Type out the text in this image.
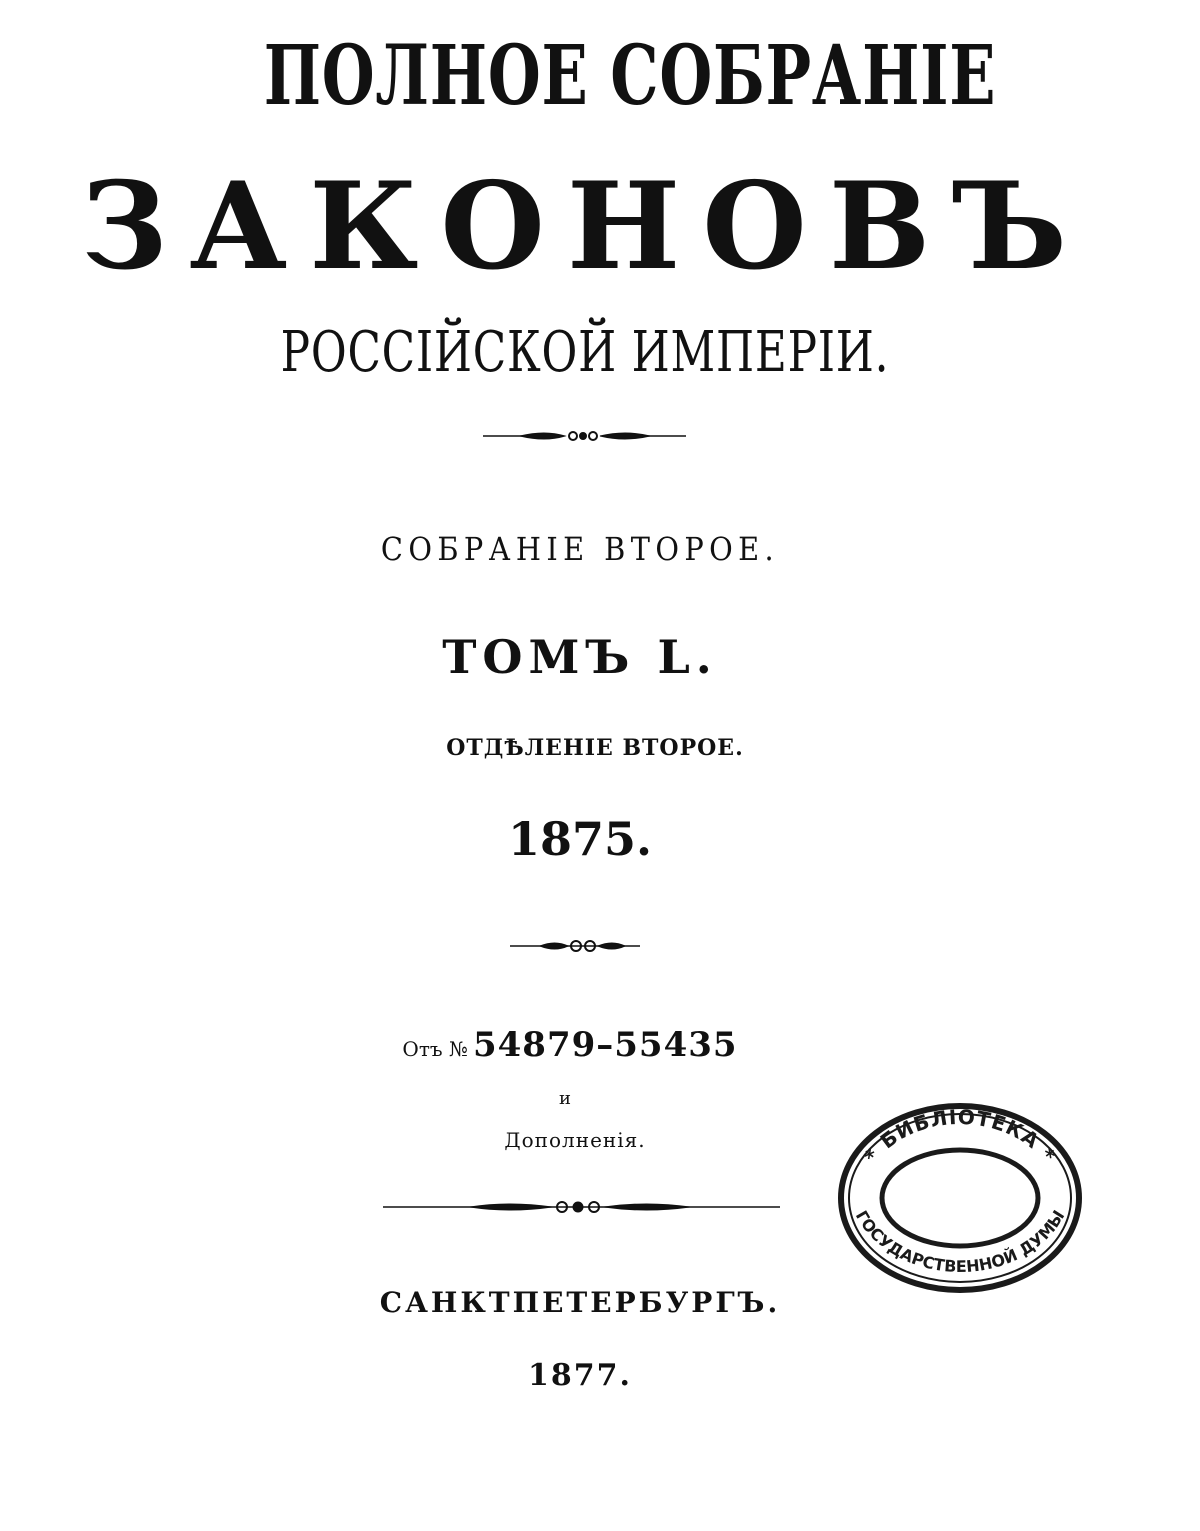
ПОЛНОЕ СОБРАНІЕ
ЗАКОНОВЪ
РОССІЙСКОЙ ИМПЕРІИ.
СОБРАНІЕ ВТОРОЕ.
ТОМЪ L.
ОТДѢЛЕНІЕ ВТОРОЕ.
1875.
Отъ № 54879–55435
и
Дополненія.
САНКТПЕТЕРБУРГЪ.
1877.
* БИБЛІОТЕКА *
ГОСУДАРСТВЕННОЙ ДУМЫ
